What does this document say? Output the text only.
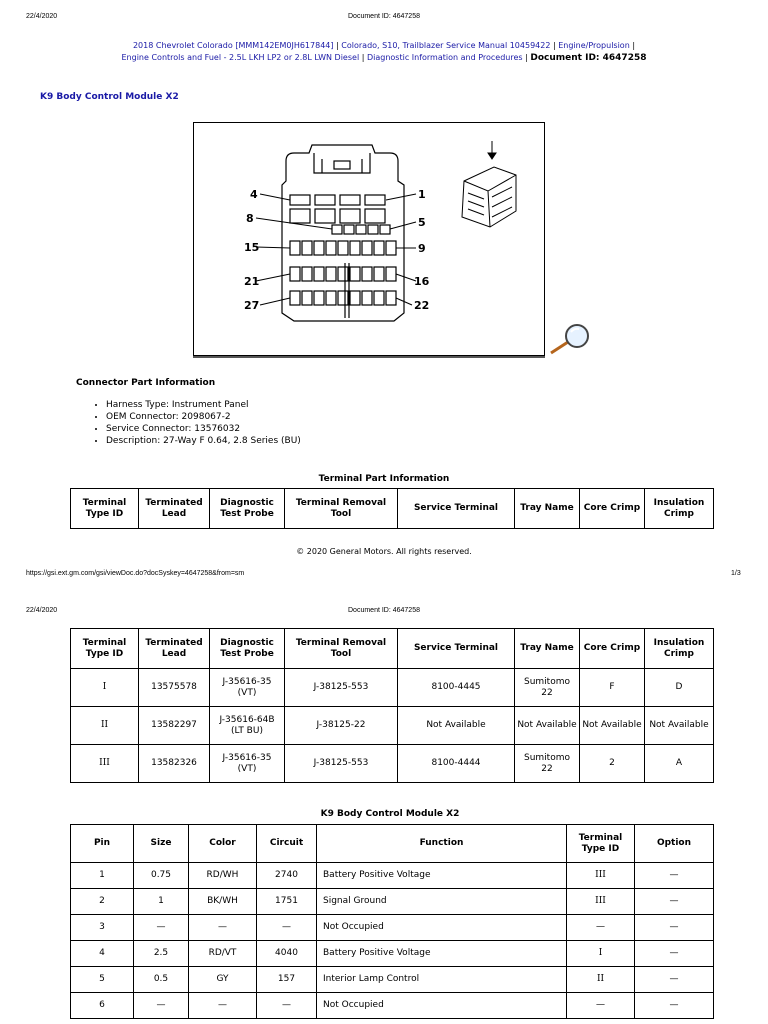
22/4/2020	Document ID: 4647258
2018 Chevrolet Colorado [MMM142EM0JH617844] | Colorado, S10, Trailblazer Service Manual 10459422 | Engine/Propulsion |
Engine Controls and Fuel - 2.5L LKH LP2 or 2.8L LWN Diesel | Diagnostic Information and Procedures | Document ID: 4647258
K9 Body Control Module X2
4	1
8	5
15	9
21	16
27	22
Connector Part Information
• Harness Type: Instrument Panel
• OEM Connector: 2098067-2
• Service Connector: 13576032
• Description: 27-Way F 0.64, 2.8 Series (BU)
Terminal Part Information
Terminal Type ID	Terminated Lead	Diagnostic Test Probe	Terminal Removal Tool	Service Terminal	Tray Name	Core Crimp	Insulation Crimp
© 2020 General Motors. All rights reserved.
https://gsi.ext.gm.com/gsi/viewDoc.do?docSyskey=4647258&from=sm	1/3
22/4/2020	Document ID: 4647258
Terminal Type ID	Terminated Lead	Diagnostic Test Probe	Terminal Removal Tool	Service Terminal	Tray Name	Core Crimp	Insulation Crimp
I	13575578	J-35616-35 (VT)	J-38125-553	8100-4445	Sumitomo 22	F	D
II	13582297	J-35616-64B (LT BU)	J-38125-22	Not Available	Not Available	Not Available	Not Available
III	13582326	J-35616-35 (VT)	J-38125-553	8100-4444	Sumitomo 22	2	A
K9 Body Control Module X2
Pin	Size	Color	Circuit	Function	Terminal Type ID	Option
1	0.75	RD/WH	2740	Battery Positive Voltage	III	—
2	1	BK/WH	1751	Signal Ground	III	—
3	—	—	—	Not Occupied	—	—
4	2.5	RD/VT	4040	Battery Positive Voltage	I	—
5	0.5	GY	157	Interior Lamp Control	II	—
6	—	—	—	Not Occupied	—	—
